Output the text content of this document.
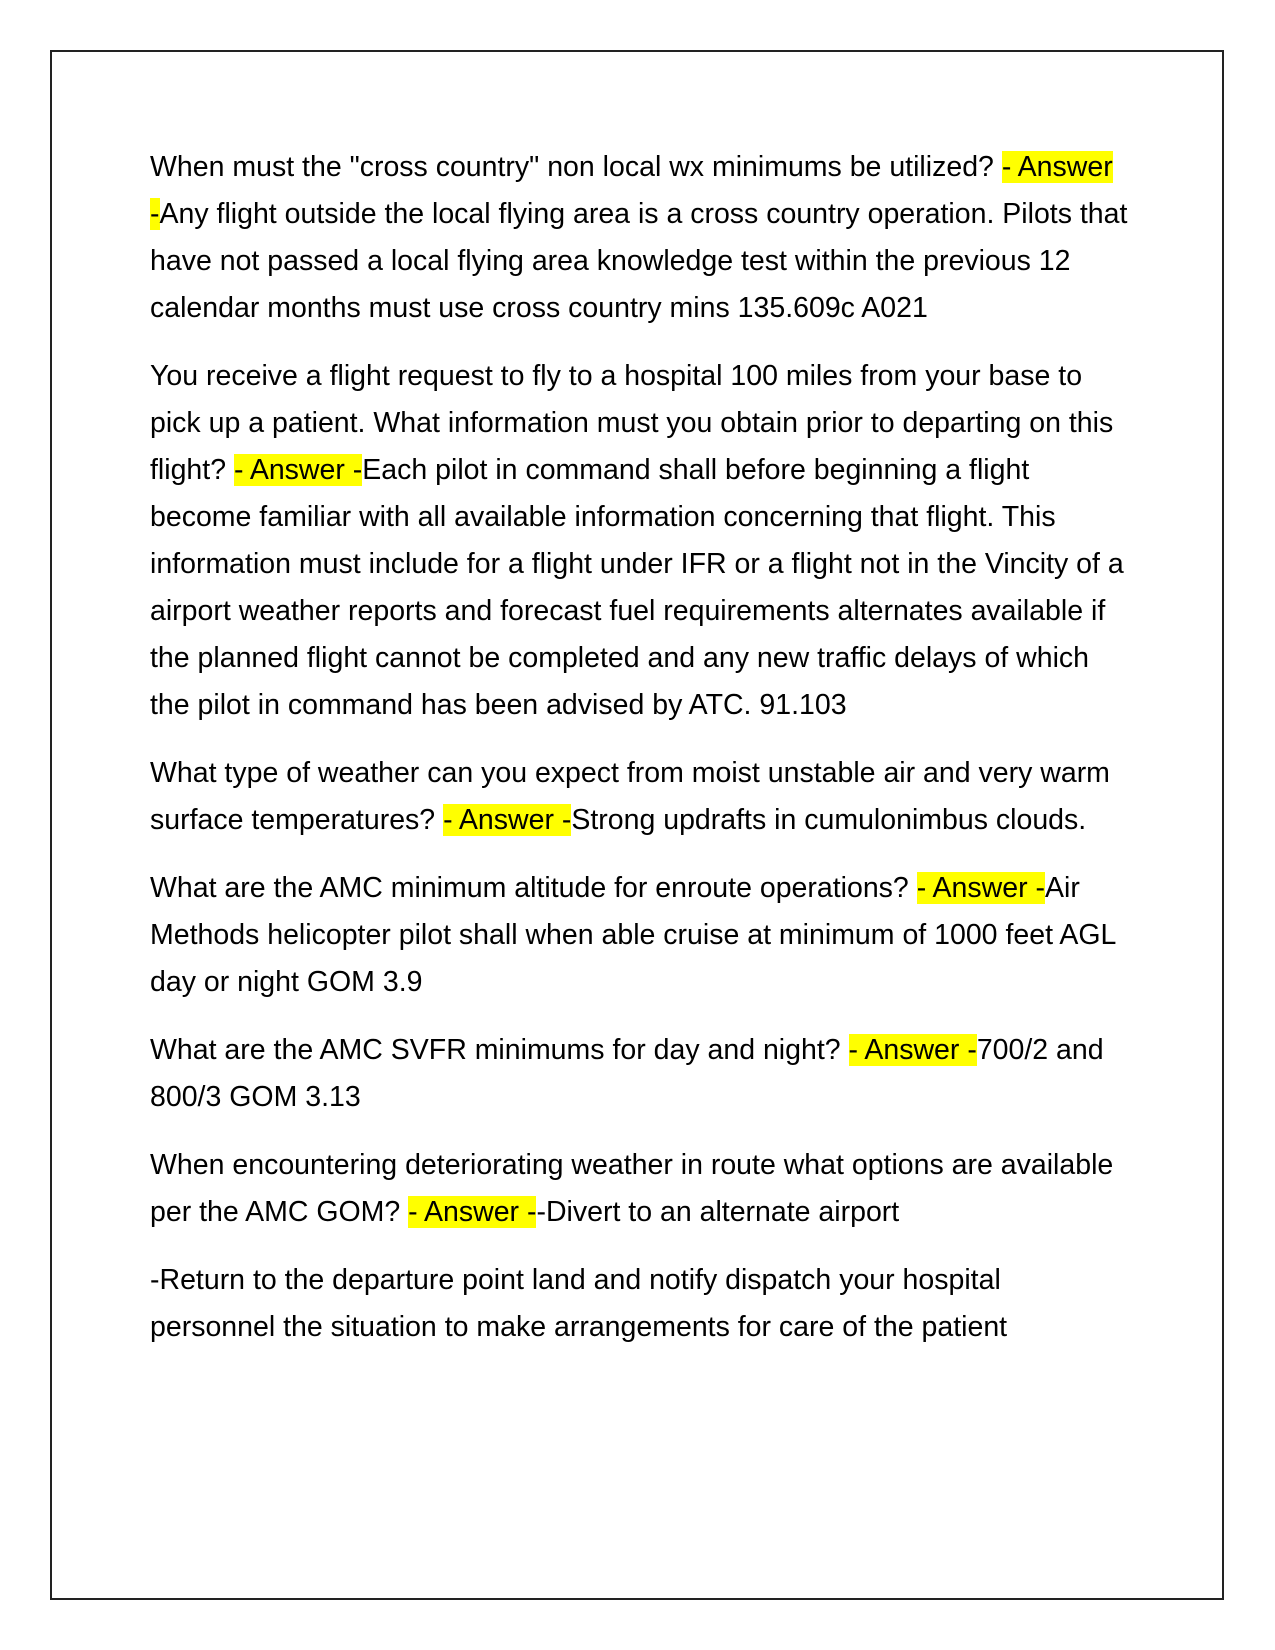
When must the "cross country" non local wx minimums be utilized? - Answer -Any flight outside the local flying area is a cross country operation. Pilots that have not passed a local flying area knowledge test within the previous 12 calendar months must use cross country mins 135.609c A021

You receive a flight request to fly to a hospital 100 miles from your base to pick up a patient. What information must you obtain prior to departing on this flight? - Answer -Each pilot in command shall before beginning a flight become familiar with all available information concerning that flight. This information must include for a flight under IFR or a flight not in the Vincity of a airport weather reports and forecast fuel requirements alternates available if the planned flight cannot be completed and any new traffic delays of which the pilot in command has been advised by ATC. 91.103

What type of weather can you expect from moist unstable air and very warm surface temperatures? - Answer -Strong updrafts in cumulonimbus clouds.

What are the AMC minimum altitude for enroute operations? - Answer -Air Methods helicopter pilot shall when able cruise at minimum of 1000 feet AGL day or night GOM 3.9

What are the AMC SVFR minimums for day and night? - Answer -700/2 and 800/3 GOM 3.13

When encountering deteriorating weather in route what options are available per the AMC GOM? - Answer --Divert to an alternate airport

-Return to the departure point land and notify dispatch your hospital personnel the situation to make arrangements for care of the patient
